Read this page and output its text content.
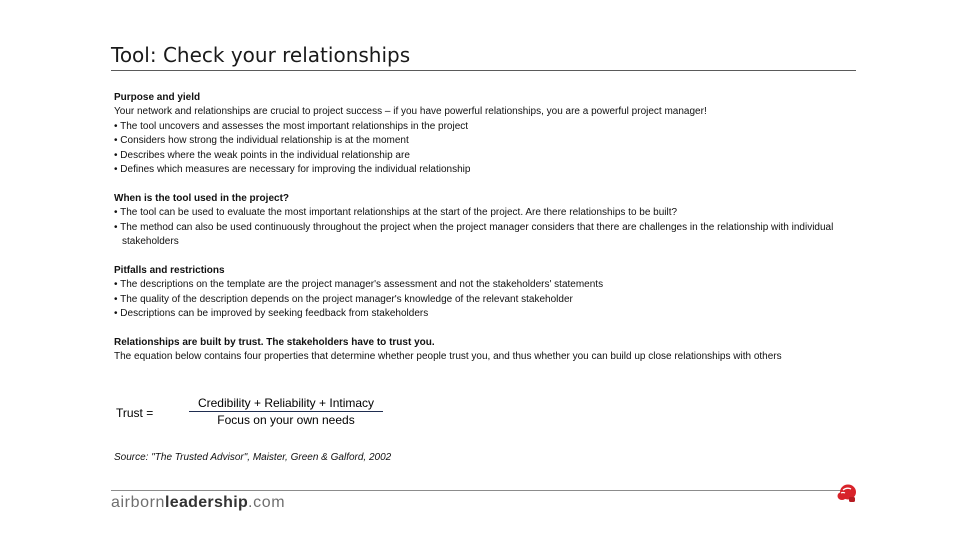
Tool: Check your relationships

Purpose and yield

Your network and relationships are crucial to project success – if you have powerful relationships, you are a powerful project manager!

• The tool uncovers and assesses the most important relationships in the project

• Considers how strong the individual relationship is at the moment

• Describes where the weak points in the individual relationship are

• Defines which measures are necessary for improving the individual relationship

When is the tool used in the project?

• The tool can be used to evaluate the most important relationships at the start of the project. Are there relationships to be built?

• The method can also be used continuously throughout the project when the project manager considers that there are challenges in the relationship with individual stakeholders

Pitfalls and restrictions

• The descriptions on the template are the project manager's assessment and not the stakeholders' statements

• The quality of the description depends on the project manager's knowledge of the relevant stakeholder

• Descriptions can be improved by seeking feedback from stakeholders

Relationships are built by trust. The stakeholders have to trust you.

The equation below contains four properties that determine whether people trust you, and thus whether you can build up close relationships with others

Trust =
Credibility + Reliability + Intimacy
Focus on your own needs
Source: "The Trusted Advisor", Maister, Green & Galford, 2002
airbornleadership.com
